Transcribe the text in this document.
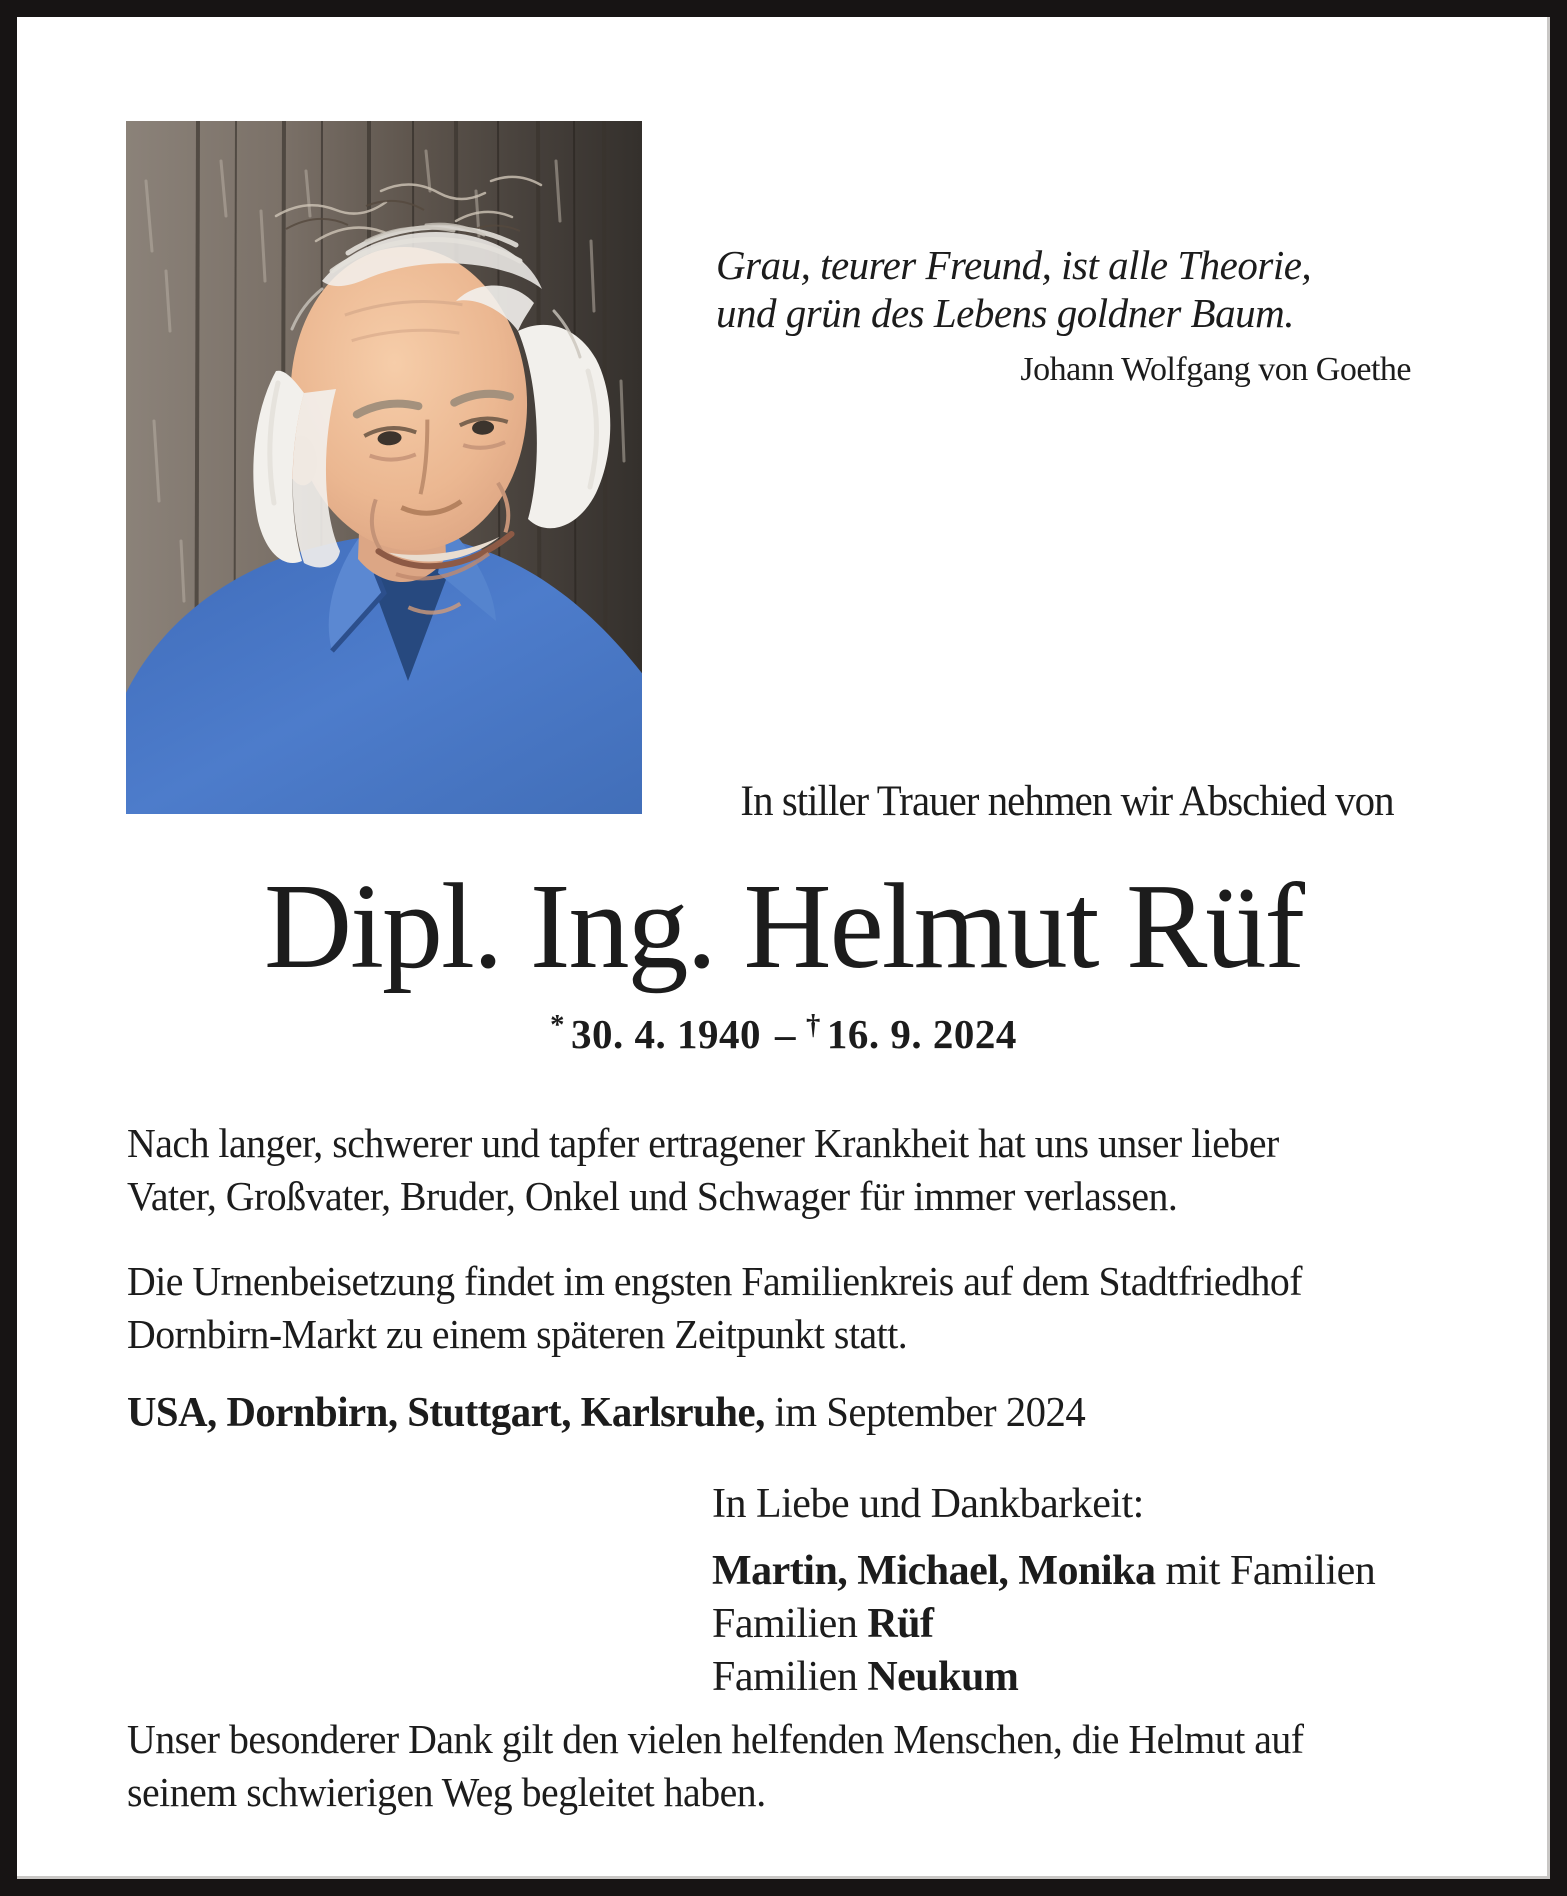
Grau, teurer Freund, ist alle Theorie,
und grün des Lebens goldner Baum.
Johann Wolfgang von Goethe
In stiller Trauer nehmen wir Abschied von
Dipl. Ing. Helmut Rüf
* 30. 4. 1940 – † 16. 9. 2024
Nach langer, schwerer und tapfer ertragener Krankheit hat uns unser lieber
Vater, Großvater, Bruder, Onkel und Schwager für immer verlassen.
Die Urnenbeisetzung findet im engsten Familienkreis auf dem Stadtfriedhof
Dornbirn-Markt zu einem späteren Zeitpunkt statt.
USA, Dornbirn, Stuttgart, Karlsruhe, im September 2024
In Liebe und Dankbarkeit:
Martin, Michael, Monika mit Familien
Familien Rüf
Familien Neukum
Unser besonderer Dank gilt den vielen helfenden Menschen, die Helmut auf
seinem schwierigen Weg begleitet haben.
